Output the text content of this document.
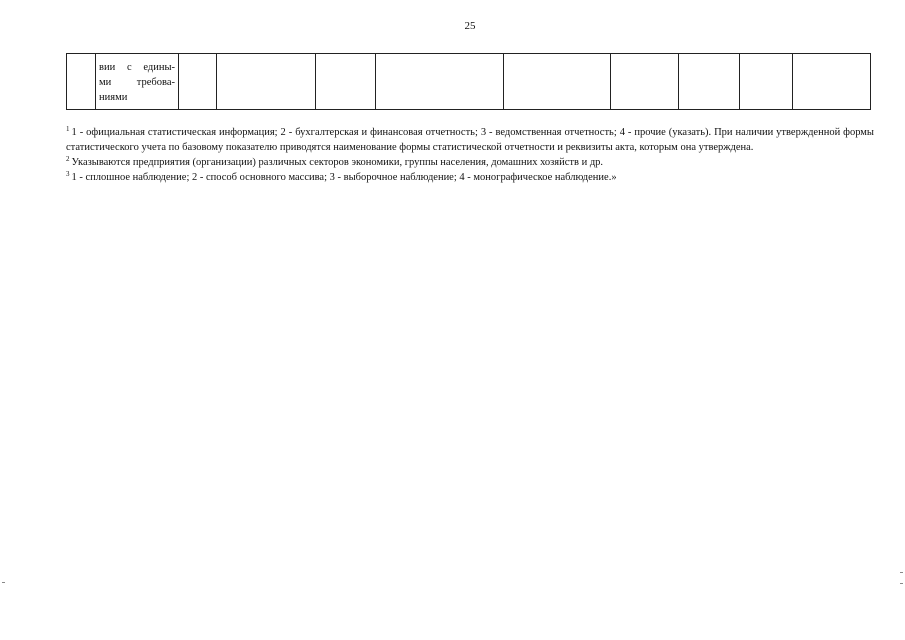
25

вии с едины-
ми требова-
ниями

$^1$ 1 - официальная статистическая информация; 2 - бухгалтерская и финансовая отчетность; 3 - ведомственная отчетность; 4 - прочие (указать). При наличии утвержденной формы статистического учета по базовому показателю приводятся наименование формы статистической отчетности и реквизиты акта, которым она утверждена.

$^2$ Указываются предприятия (организации) различных секторов экономики, группы населения, домашних хозяйств и др.

$^3$ 1 - сплошное наблюдение; 2 - способ основного массива; 3 - выборочное наблюдение; 4 - монографическое наблюдение.»
